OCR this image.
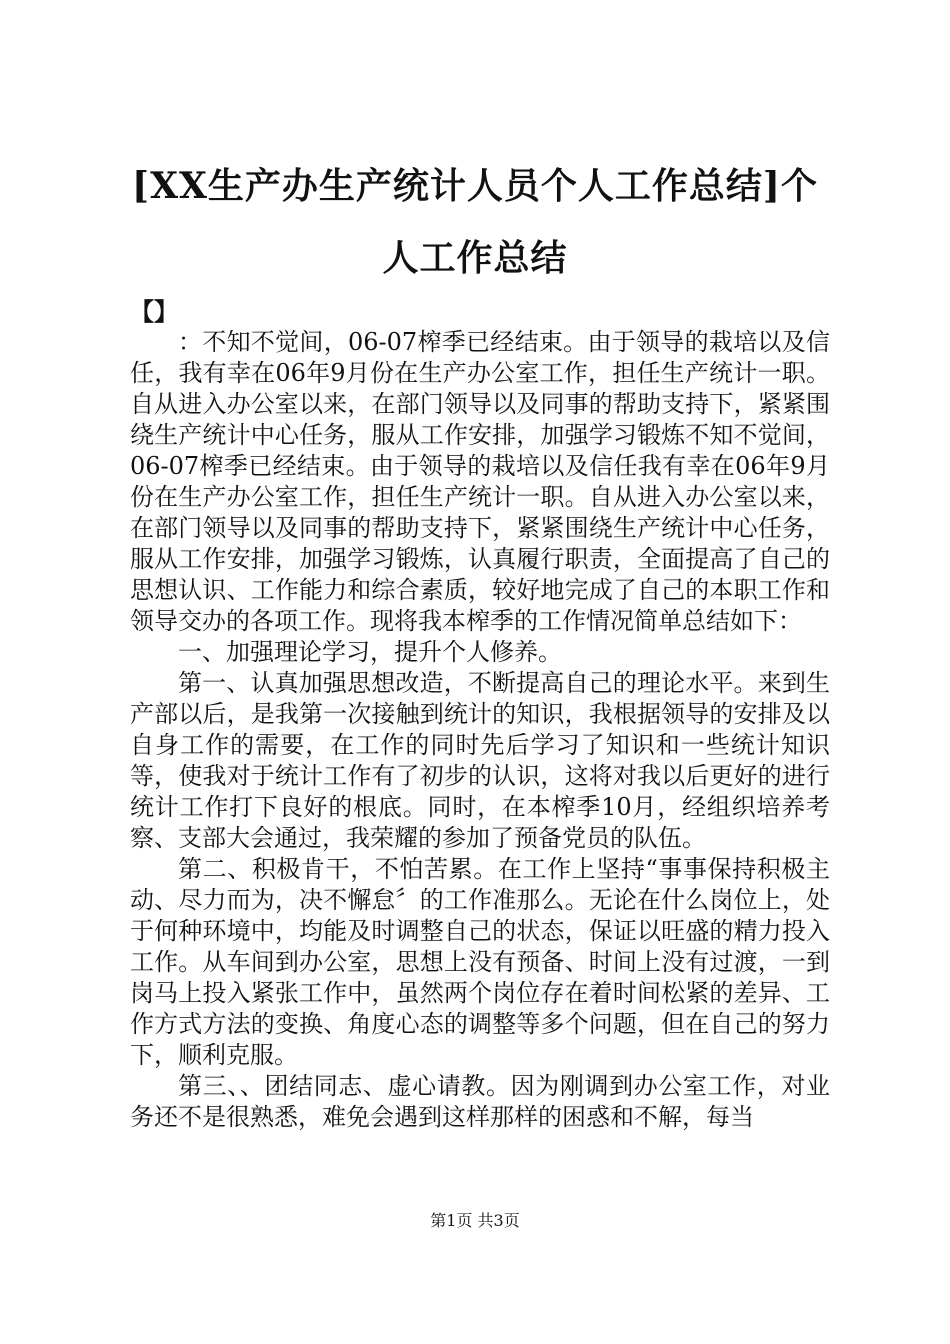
[XX生产办生产统计人员个人工作总结]个人工作总结

【】

：不知不觉间，06-07榨季已经结束。由于领导的栽培以及信任，我有幸在06年9月份在生产办公室工作，担任生产统计一职。自从进入办公室以来，在部门领导以及同事的帮助支持下，紧紧围绕生产统计中心任务，服从工作安排，加强学习锻炼不知不觉间，06-07榨季已经结束。由于领导的栽培以及信任我有幸在06年9月份在生产办公室工作，担任生产统计一职。自从进入办公室以来，在部门领导以及同事的帮助支持下，紧紧围绕生产统计中心任务，服从工作安排，加强学习锻炼，认真履行职责，全面提高了自己的思想认识、工作能力和综合素质，较好地完成了自己的本职工作和领导交办的各项工作。现将我本榨季的工作情况简单总结如下：

一、加强理论学习，提升个人修养。

第一、认真加强思想改造，不断提高自己的理论水平。来到生产部以后，是我第一次接触到统计的知识，我根据领导的安排及以自身工作的需要，在工作的同时先后学习了知识和一些统计知识等，使我对于统计工作有了初步的认识，这将对我以后更好的进行统计工作打下良好的根底。同时，在本榨季10月，经组织培养考察、支部大会通过，我荣耀的参加了预备党员的队伍。

第二、积极肯干，不怕苦累。在工作上坚持“事事保持积极主动、尽力而为，决不懈怠〞的工作准那么。无论在什么岗位上，处于何种环境中，均能及时调整自己的状态，保证以旺盛的精力投入工作。从车间到办公室，思想上没有预备、时间上没有过渡，一到岗马上投入紧张工作中，虽然两个岗位存在着时间松紧的差异、工作方式方法的变换、角度心态的调整等多个问题，但在自己的努力下，顺利克服。

第三、、团结同志、虚心请教。因为刚调到办公室工作，对业务还不是很熟悉，难免会遇到这样那样的困惑和不解，每当

第1页 共3页
